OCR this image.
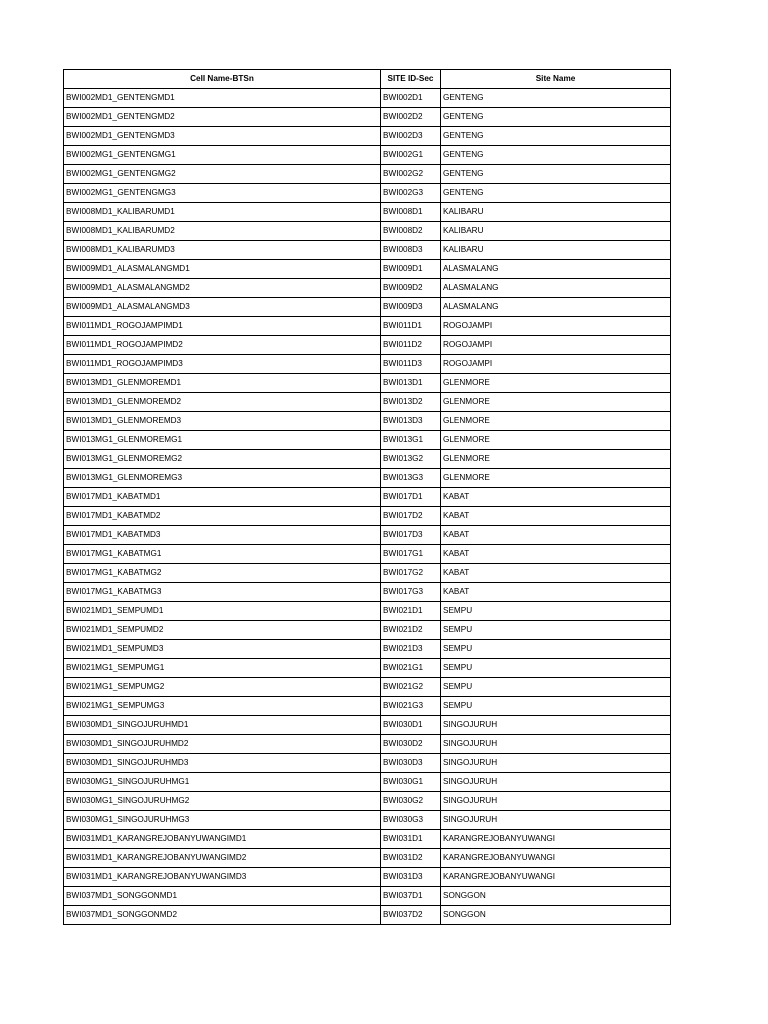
Cell Name-BTSn	SITE ID-Sec	Site Name
BWI002MD1_GENTENGMD1	BWI002D1	GENTENG
BWI002MD1_GENTENGMD2	BWI002D2	GENTENG
BWI002MD1_GENTENGMD3	BWI002D3	GENTENG
BWI002MG1_GENTENGMG1	BWI002G1	GENTENG
BWI002MG1_GENTENGMG2	BWI002G2	GENTENG
BWI002MG1_GENTENGMG3	BWI002G3	GENTENG
BWI008MD1_KALIBARUMD1	BWI008D1	KALIBARU
BWI008MD1_KALIBARUMD2	BWI008D2	KALIBARU
BWI008MD1_KALIBARUMD3	BWI008D3	KALIBARU
BWI009MD1_ALASMALANGMD1	BWI009D1	ALASMALANG
BWI009MD1_ALASMALANGMD2	BWI009D2	ALASMALANG
BWI009MD1_ALASMALANGMD3	BWI009D3	ALASMALANG
BWI011MD1_ROGOJAMPIMD1	BWI011D1	ROGOJAMPI
BWI011MD1_ROGOJAMPIMD2	BWI011D2	ROGOJAMPI
BWI011MD1_ROGOJAMPIMD3	BWI011D3	ROGOJAMPI
BWI013MD1_GLENMOREMD1	BWI013D1	GLENMORE
BWI013MD1_GLENMOREMD2	BWI013D2	GLENMORE
BWI013MD1_GLENMOREMD3	BWI013D3	GLENMORE
BWI013MG1_GLENMOREMG1	BWI013G1	GLENMORE
BWI013MG1_GLENMOREMG2	BWI013G2	GLENMORE
BWI013MG1_GLENMOREMG3	BWI013G3	GLENMORE
BWI017MD1_KABATMD1	BWI017D1	KABAT
BWI017MD1_KABATMD2	BWI017D2	KABAT
BWI017MD1_KABATMD3	BWI017D3	KABAT
BWI017MG1_KABATMG1	BWI017G1	KABAT
BWI017MG1_KABATMG2	BWI017G2	KABAT
BWI017MG1_KABATMG3	BWI017G3	KABAT
BWI021MD1_SEMPUMD1	BWI021D1	SEMPU
BWI021MD1_SEMPUMD2	BWI021D2	SEMPU
BWI021MD1_SEMPUMD3	BWI021D3	SEMPU
BWI021MG1_SEMPUMG1	BWI021G1	SEMPU
BWI021MG1_SEMPUMG2	BWI021G2	SEMPU
BWI021MG1_SEMPUMG3	BWI021G3	SEMPU
BWI030MD1_SINGOJURUHMD1	BWI030D1	SINGOJURUH
BWI030MD1_SINGOJURUHMD2	BWI030D2	SINGOJURUH
BWI030MD1_SINGOJURUHMD3	BWI030D3	SINGOJURUH
BWI030MG1_SINGOJURUHMG1	BWI030G1	SINGOJURUH
BWI030MG1_SINGOJURUHMG2	BWI030G2	SINGOJURUH
BWI030MG1_SINGOJURUHMG3	BWI030G3	SINGOJURUH
BWI031MD1_KARANGREJOBANYUWANGIMD1	BWI031D1	KARANGREJOBANYUWANGI
BWI031MD1_KARANGREJOBANYUWANGIMD2	BWI031D2	KARANGREJOBANYUWANGI
BWI031MD1_KARANGREJOBANYUWANGIMD3	BWI031D3	KARANGREJOBANYUWANGI
BWI037MD1_SONGGONMD1	BWI037D1	SONGGON
BWI037MD1_SONGGONMD2	BWI037D2	SONGGON
